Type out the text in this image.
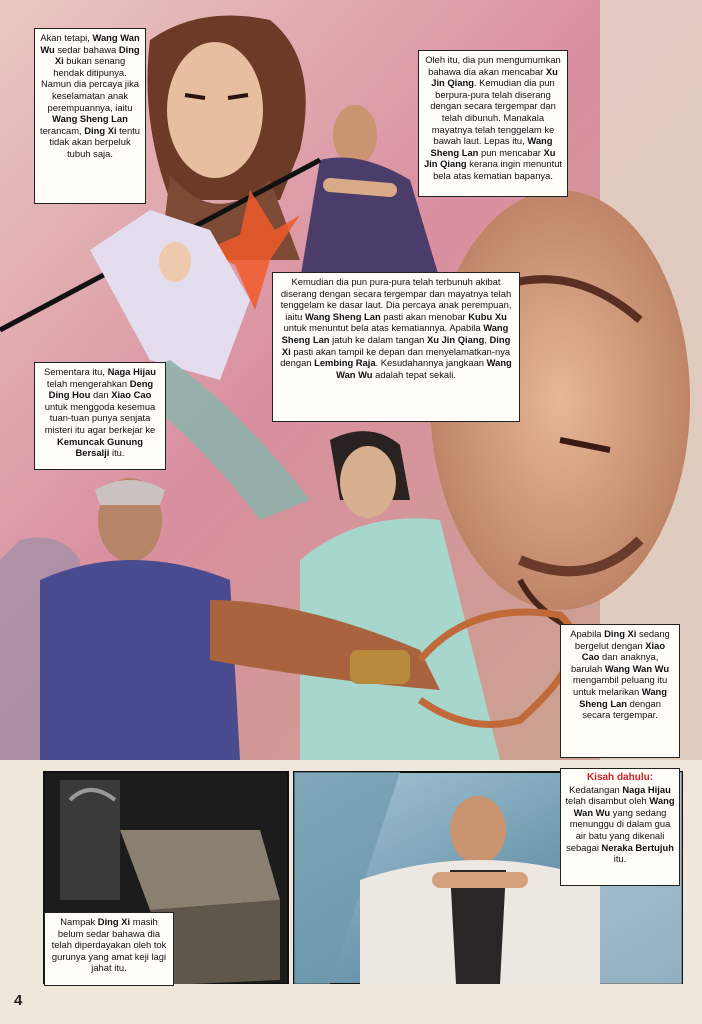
Akan tetapi, Wang Wan Wu sedar bahawa Ding Xi bukan senang hendak ditipunya. Namun dia percaya jika keselamatan anak perempuannya, iaitu Wang Sheng Lan terancam, Ding Xi tentu tidak akan berpeluk tubuh saja.
Oleh itu, dia pun mengumumkan bahawa dia akan mencabar Xu Jin Qiang. Kemudian dia pun berpura-pura telah diserang dengan secara tergempar dan telah dibunuh. Manakala mayatnya telah tenggelam ke bawah laut. Lepas itu, Wang Sheng Lan pun mencabar Xu Jin Qiang kerana ingin menuntut bela atas kematian bapanya.
Kemudian dia pun pura-pura telah terbunuh akibat diserang dengan secara tergempar dan mayatnya telah tenggelam ke dasar laut. Dia percaya anak perempuan, iaitu Wang Sheng Lan pasti akan menobar Kubu Xu untuk menuntut bela atas kematiannya. Apabila Wang Sheng Lan jatuh ke dalam tangan Xu Jin Qiang, Ding Xi pasti akan tampil ke depan dan menyelamatkan-nya dengan Lembing Raja. Kesudahannya jangkaan Wang Wan Wu adalah tepat sekali.
Sementara itu, Naga Hijau telah mengerahkan Deng Ding Hou dan Xiao Cao untuk menggoda kesemua tuan-tuan punya senjata misteri itu agar berkejar ke Kemuncak Gunung Bersalji itu.
Apabila Ding Xi sedang bergelut dengan Xiao Cao dan anaknya, barulah Wang Wan Wu mengambil peluang itu untuk melarikan Wang Sheng Lan dengan secara tergempar.
Kisah dahulu:
Kedatangan Naga Hijau telah disambut oleh Wang Wan Wu yang sedang menunggu di dalam gua air batu yang dikenali sebagai Neraka Bertujuh itu.
Nampak Ding Xi masih belum sedar bahawa dia telah diperdayakan oleh tok gurunya yang amat keji lagi jahat itu.
4
